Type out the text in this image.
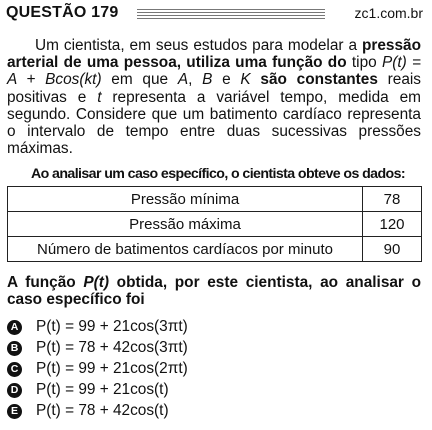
QUESTÃO 179	zc1.com.br
Um cientista, em seus estudos para modelar a pressão arterial de uma pessoa, utiliza uma função do tipo P(t) = A + Bcos(kt) em que A, B e K são constantes reais positivas e t representa a variável tempo, medida em segundo. Considere que um batimento cardíaco representa o intervalo de tempo entre duas sucessivas pressões máximas.
Ao analisar um caso específico, o cientista obteve os dados:
Pressão mínima	78
Pressão máxima	120
Número de batimentos cardíacos por minuto	90
A função P(t) obtida, por este cientista, ao analisar o caso específico foi
A P(t) = 99 + 21cos(3πt)
B P(t) = 78 + 42cos(3πt)
C P(t) = 99 + 21cos(2πt)
D P(t) = 99 + 21cos(t)
E P(t) = 78 + 42cos(t)
